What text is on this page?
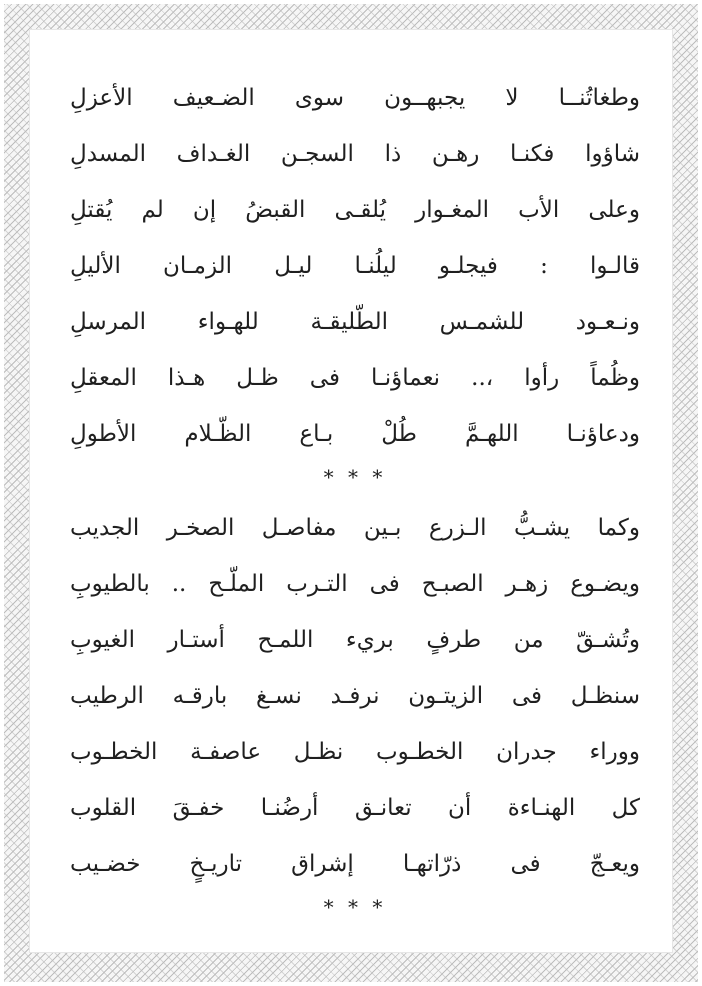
وطغاتُنــا لا يجبهــون سوى الضـعيف الأعزلِ
شاؤوا فكنـا رهـن ذا السجـن الغـداف المسدلِ
وعلى الأب المغـوار يُلقـى القبضُ إن لم يُقتلِ
قالـوا : فيجلـو ليلُنـا ليـل الزمـان الأليلِ
ونـعـود للشمـس الطّليقـة للهـواء المرسلِ
وظُماً رأوا ،.. نعماؤنـا فى ظـل هـذا المعقلِ
ودعاؤنـا اللهـمَّ طُلْ بـاع الظّـلام الأطولِ
* * *
وكما يشـبُّ الـزرع بـين مفاصـل الصخـر الجديب
ويضـوع زهـر الصبـح فى التـرب الملّـح .. بالطيوبِ
وتُشـقّ من طرفٍ بريء اللمـح أستـار الغيوبِ
سنظـل فى الزيتـون نرفـد نسـغ بارقـه الرطيب
ووراء جدران الخطـوب نظـل عاصفـة الخطـوب
كل الهنـاءة أن تعانـق أرضُنـا خفـقَ القلوب
ويعـجّ فى ذرّاتهـا إشراق تاريـخٍ خضـيب
* * *
